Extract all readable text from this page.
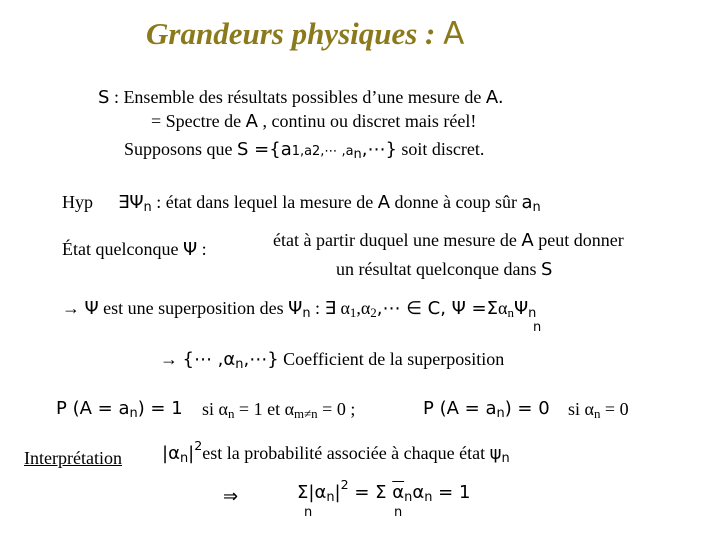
Grandeurs physiques : A
S : Ensemble des résultats possibles d’une mesure de A.
= Spectre de A , continu ou discret mais réel!
Supposons que S ={a1,a2,⋯ ,an,⋯} soit discret.
Hyp ∃Ψn : état dans lequel la mesure de A donne à coup sûr an
État quelconque Ψ :	état à partir duquel une mesure de A peut donner
un résultat quelconque dans S
→ Ψ est une superposition des Ψn : ∃ α1,α2,⋯ ∈ C, Ψ =ΣαnΨn
n
→ {⋯ ,αn,⋯} Coefficient de la superposition
P (A = an) = 1 si αn = 1 et αm≠n = 0 ;	P (A = an) = 0 si αn = 0
Interprétation $|\alpha n|^2est$ la probabilité associée à chaque état ψn
⇒	$\Sigma|\alpha n|^2 = \Sigma$ $\overline{\alpha}n\alpha n = 1$
n	n
